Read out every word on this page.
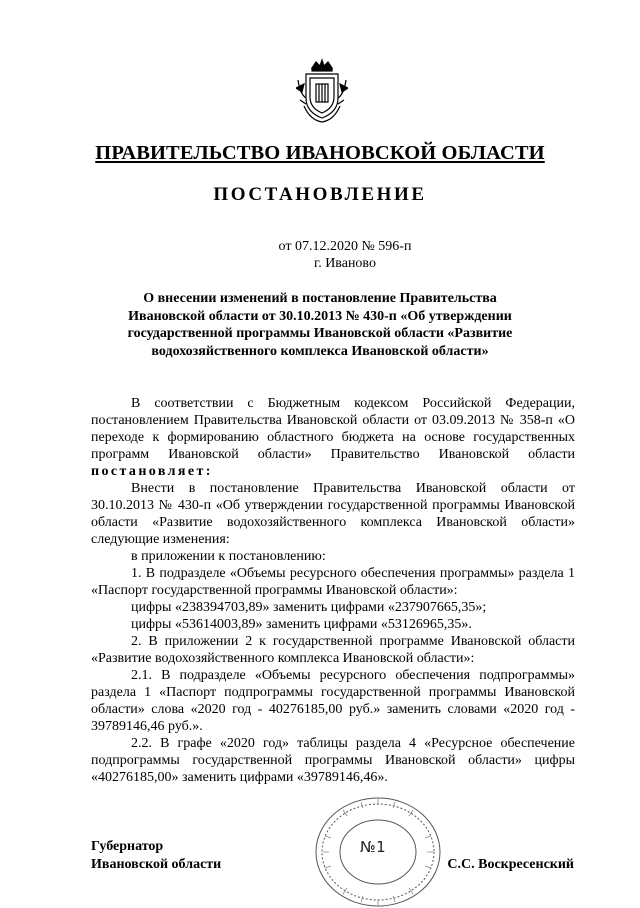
ПРАВИТЕЛЬСТВО ИВАНОВСКОЙ ОБЛАСТИ
ПОСТАНОВЛЕНИЕ
от 07.12.2020 № 596-п
г. Иваново
О внесении изменений в постановление Правительства
Ивановской области от 30.10.2013 № 430-п «Об утверждении
государственной программы Ивановской области «Развитие
водохозяйственного комплекса Ивановской области»

В соответствии с Бюджетным кодексом Российской Федерации, постановлением Правительства Ивановской области от 03.09.2013 № 358-п «О переходе к формированию областного бюджета на основе государственных программ Ивановской области» Правительство Ивановской области постановляет:

Внести в постановление Правительства Ивановской области от 30.10.2013 № 430-п «Об утверждении государственной программы Ивановской области «Развитие водохозяйственного комплекса Ивановской области» следующие изменения:

в приложении к постановлению:

1. В подразделе «Объемы ресурсного обеспечения программы» раздела 1 «Паспорт государственной программы Ивановской области»:

цифры «238394703,89» заменить цифрами «237907665,35»;

цифры «53614003,89» заменить цифрами «53126965,35».

2. В приложении 2 к государственной программе Ивановской области «Развитие водохозяйственного комплекса Ивановской области»:

2.1. В подразделе «Объемы ресурсного обеспечения подпрограммы» раздела 1 «Паспорт подпрограммы государственной программы Ивановской области» слова «2020 год - 40276185,00 руб.» заменить словами «2020 год - 39789146,46 руб.».

2.2. В графе «2020 год» таблицы раздела 4 «Ресурсное обеспечение подпрограммы государственной программы Ивановской области» цифры «40276185,00» заменить цифрами «39789146,46».

№1
Губернатор
Ивановской области	С.С. Воскресенский
